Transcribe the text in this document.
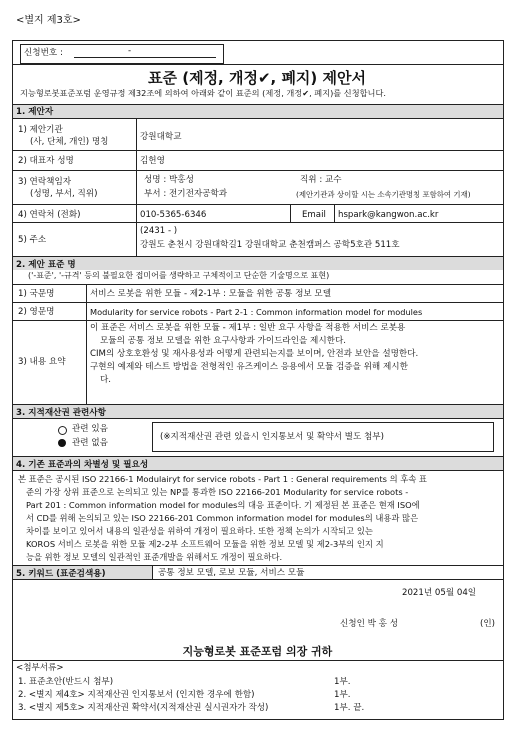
<별지 제3호>
신청번호 :	-
표준 (제정, 개정✔, 폐지) 제안서
지능형로봇표준포럼 운영규정 제32조에 의하여 아래와 같이 표준의 (제정, 개정✔, 폐지)를 신청합니다.
1. 제안자
1) 제안기관
(사, 단체, 개인) 명칭	강원대학교
2) 대표자 성명	김헌영
3) 연락책임자
(성명, 부서, 직위)
성명 : 박홍성	직위 : 교수
부서 : 전기전자공학과	(제안기관과 상이할 시는 소속기관명칭 포함하여 기재)
4) 연락처 (전화)	010-5365-6346	Email hspark@kangwon.ac.kr
5) 주소
(2431 - )
강원도 춘천시 강원대학길1 강원대학교 춘천캠퍼스 공학5호관 511호
2. 제안 표준 명
('-표준', '-규격' 등의 불필요한 접미어를 생략하고 구체적이고 단순한 기술명으로 표현)
1) 국문명	서비스 로봇을 위한 모듈 - 제2-1부 : 모듈을 위한 공통 정보 모델
2) 영문명	Modularity for service robots - Part 2-1 : Common information model for modules
3) 내용 요약
이 표준은 서비스 로봇을 위한 모듈 - 제1부 : 일반 요구 사항을 적용한 서비스 로봇용
모듈의 공통 정보 모델을 위한 요구사항과 가이드라인을 제시한다.
CIM의 상호호환성 및 재사용성과 어떻게 관련되는지를 보이며, 안전과 보안을 설명한다.
구현의 예제와 테스트 방법을 전형적인 유즈케이스 응용에서 모듈 검증을 위해 제시한
다.
3. 지적재산권 관련사항
관련 있음
관련 없음
(※지적재산권 관련 있을시 인지통보서 및 확약서 별도 첨부)
4. 기존 표준과의 차별성 및 필요성
본 표준은 공시된 ISO 22166-1 Modulairyt for service robots - Part 1 : General requirements 의 후속 표
준의 가장 상위 표준으로 논의되고 있는 NP를 통과한 ISO 22166-201 Modularity for service robots -
Part 201 : Common information model for modules의 대응 표준이다. 기 제정된 본 표준은 현재 ISO에
서 CD를 위해 논의되고 있는 ISO 22166-201 Common information model for modules의 내용과 많은
차이를 보이고 있어서 내용의 일관성을 위하여 개정이 필요하다. 또한 정책 논의가 시작되고 있는
KOROS 서비스 로봇을 위한 모듈 제2-2부 소프트웨어 모듈을 위한 정보 모델 및 제2-3부의 인지 지
능을 위한 정보 모델의 일관적인 표준개발을 위해서도 개정이 필요하다.
5. 키워드 (표준검색용)	공통 정보 모델, 로보 모듈, 서비스 모듈
2021년 05월 04일
신청인 박 홍 성	(인)
지능형로봇 표준포럼 의장 귀하
<첨부서류>
1. 표준초안(반드시 첨부)	1부.
2. <별지 제4호> 지적재산권 인지통보서 (인지한 경우에 한함)	1부.
3. <별지 제5호> 지적재산권 확약서(지적재산권 실시권자가 작성)	1부. 끝.
